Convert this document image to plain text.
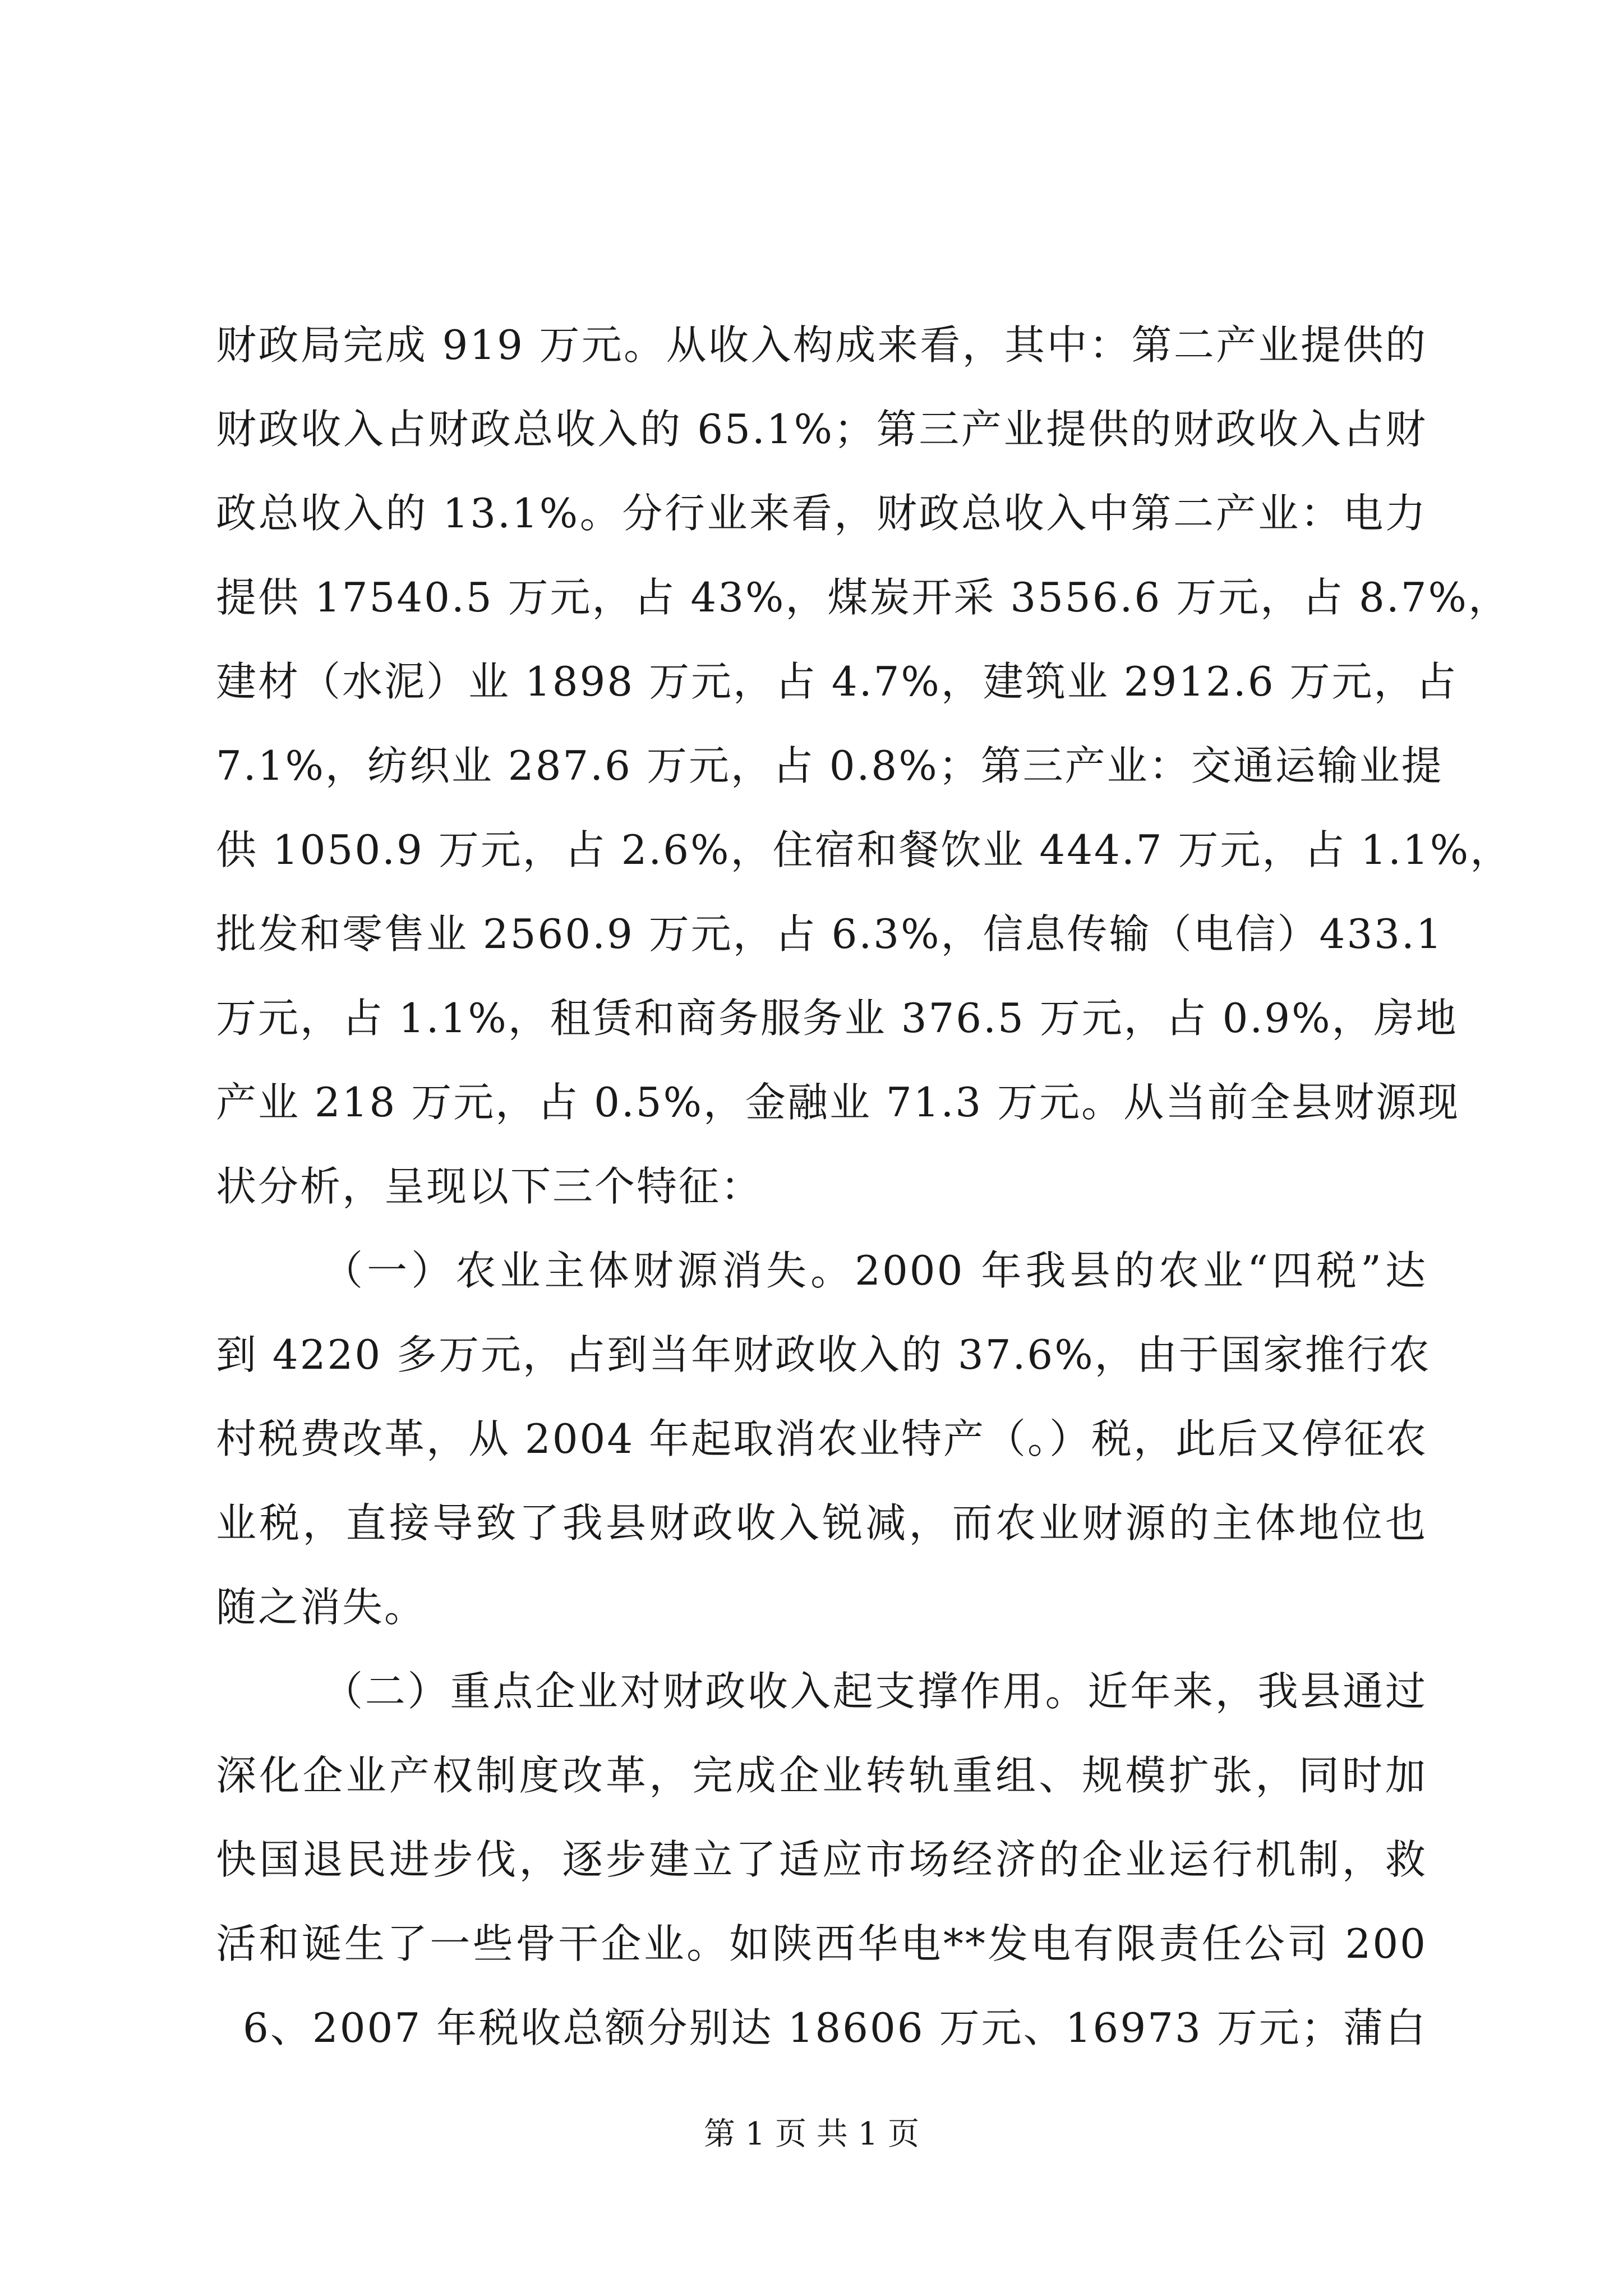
财政局完成 919 万元。从收入构成来看，其中：第二产业提供的
财政收入占财政总收入的 65.1%；第三产业提供的财政收入占财
政总收入的 13.1%。分行业来看，财政总收入中第二产业：电力
提供 17540.5 万元，占 43%，煤炭开采 3556.6 万元，占 8.7%，
建材（水泥）业 1898 万元，占 4.7%，建筑业 2912.6 万元，占
7.1%，纺织业 287.6 万元，占 0.8%；第三产业：交通运输业提
供 1050.9 万元，占 2.6%，住宿和餐饮业 444.7 万元，占 1.1%，
批发和零售业 2560.9 万元，占 6.3%，信息传输（电信）433.1
万元，占 1.1%，租赁和商务服务业 376.5 万元，占 0.9%，房地
产业 218 万元，占 0.5%，金融业 71.3 万元。从当前全县财源现
状分析，呈现以下三个特征：
（一）农业主体财源消失。2000 年我县的农业“四税”达
到 4220 多万元，占到当年财政收入的 37.6%，由于国家推行农
村税费改革，从 2004 年起取消农业特产（。）税，此后又停征农
业税，直接导致了我县财政收入锐减，而农业财源的主体地位也
随之消失。
（二）重点企业对财政收入起支撑作用。近年来，我县通过
深化企业产权制度改革，完成企业转轨重组、规模扩张，同时加
快国退民进步伐，逐步建立了适应市场经济的企业运行机制，救
活和诞生了一些骨干企业。如陕西华电**发电有限责任公司 200
6、2007 年税收总额分别达 18606 万元、16973 万元；蒲白
第 1 页 共 1 页
